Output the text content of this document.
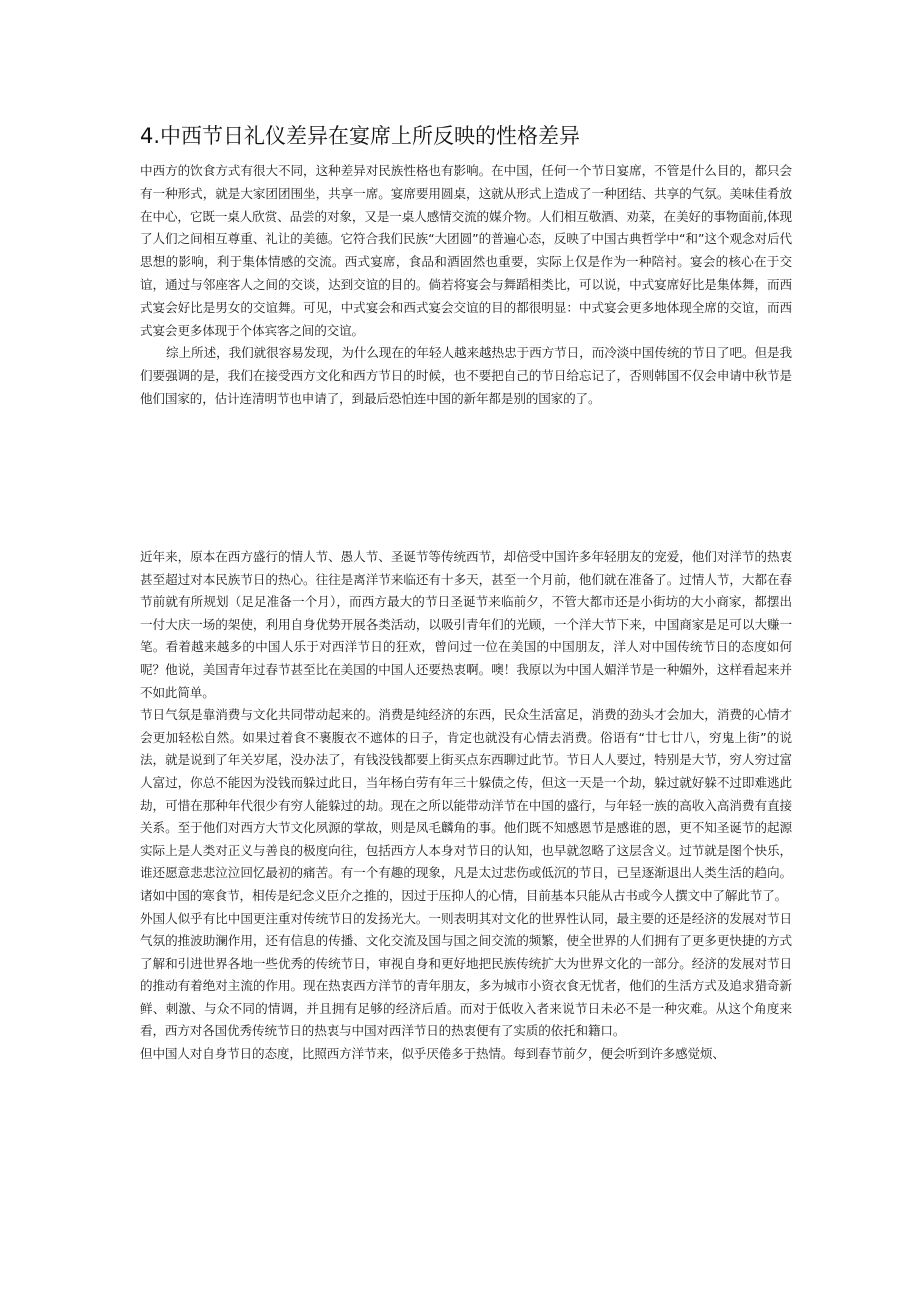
4.中西节日礼仪差异在宴席上所反映的性格差异

中西方的饮食方式有很大不同，这种差异对民族性格也有影响。在中国，任何一个节日宴席，不管是什么目的，都只会有一种形式，就是大家团团围坐，共享一席。宴席要用圆桌，这就从形式上造成了一种团结、共享的气氛。美味佳肴放在中心，它既一桌人欣赏、品尝的对象，又是一桌人感情交流的媒介物。人们相互敬酒、劝菜，在美好的事物面前,体现了人们之间相互尊重、礼让的美德。它符合我们民族“大团圆”的普遍心态，反映了中国古典哲学中“和”这个观念对后代思想的影响，利于集体情感的交流。西式宴席，食品和酒固然也重要，实际上仅是作为一种陪衬。宴会的核心在于交谊，通过与邻座客人之间的交谈，达到交谊的目的。倘若将宴会与舞蹈相类比，可以说，中式宴席好比是集体舞，而西式宴会好比是男女的交谊舞。可见，中式宴会和西式宴会交谊的目的都很明显：中式宴会更多地体现全席的交谊，而西式宴会更多体现于个体宾客之间的交谊。

综上所述，我们就很容易发现，为什么现在的年轻人越来越热忠于西方节日，而冷淡中国传统的节日了吧。但是我们要强调的是，我们在接受西方文化和西方节日的时候，也不要把自己的节日给忘记了，否则韩国不仅会申请中秋节是他们国家的，估计连清明节也申请了，到最后恐怕连中国的新年都是别的国家的了。

近年来，原本在西方盛行的情人节、愚人节、圣诞节等传统西节，却倍受中国许多年轻朋友的宠爱，他们对洋节的热衷甚至超过对本民族节日的热心。往往是离洋节来临还有十多天，甚至一个月前，他们就在准备了。过情人节，大都在春节前就有所规划（足足准备一个月），而西方最大的节日圣诞节来临前夕，不管大都市还是小街坊的大小商家，都摆出一付大庆一场的架使，利用自身优势开展各类活动，以吸引青年们的光顾，一个洋大节下来，中国商家是足可以大赚一笔。看着越来越多的中国人乐于对西洋节日的狂欢，曾问过一位在美国的中国朋友，洋人对中国传统节日的态度如何呢？他说，美国青年过春节甚至比在美国的中国人还要热衷啊。噢！我原以为中国人媚洋节是一种媚外，这样看起来并不如此简单。

节日气氛是靠消费与文化共同带动起来的。消费是纯经济的东西，民众生活富足，消费的劲头才会加大，消费的心情才会更加轻松自然。如果过着食不裹腹衣不遮体的日子，肯定也就没有心情去消费。俗语有“廿七廿八，穷鬼上街”的说法，就是说到了年关岁尾，没办法了，有钱没钱都要上街买点东西聊过此节。节日人人要过，特别是大节，穷人穷过富人富过，你总不能因为没钱而躲过此日，当年杨白劳有年三十躲债之传，但这一天是一个劫，躲过就好躲不过即难逃此劫，可惜在那种年代很少有穷人能躲过的劫。现在之所以能带动洋节在中国的盛行，与年轻一族的高收入高消费有直接关系。至于他们对西方大节文化夙源的掌故，则是凤毛麟角的事。他们既不知感恩节是感谁的恩，更不知圣诞节的起源实际上是人类对正义与善良的极度向往，包括西方人本身对节日的认知，也早就忽略了这层含义。过节就是图个快乐，谁还愿意悲悲泣泣回忆最初的痛苦。有一个有趣的现象，凡是太过悲伤或低沉的节日，已呈逐渐退出人类生活的趋向。诸如中国的寒食节，相传是纪念义臣介之推的，因过于压抑人的心情，目前基本只能从古书或今人撰文中了解此节了。

外国人似乎有比中国更注重对传统节日的发扬光大。一则表明其对文化的世界性认同，最主要的还是经济的发展对节日气氛的推波助澜作用，还有信息的传播、文化交流及国与国之间交流的频繁，使全世界的人们拥有了更多更快捷的方式了解和引进世界各地一些优秀的传统节日，审视自身和更好地把民族传统扩大为世界文化的一部分。经济的发展对节日的推动有着绝对主流的作用。现在热衷西方洋节的青年朋友，多为城市小资衣食无忧者，他们的生活方式及追求猎奇新鲜、刺激、与众不同的情调，并且拥有足够的经济后盾。而对于低收入者来说节日未必不是一种灾难。从这个角度来看，西方对各国优秀传统节日的热衷与中国对西洋节日的热衷便有了实质的依托和籍口。

但中国人对自身节日的态度，比照西方洋节来，似乎厌倦多于热情。每到春节前夕，便会听到许多感觉烦、
